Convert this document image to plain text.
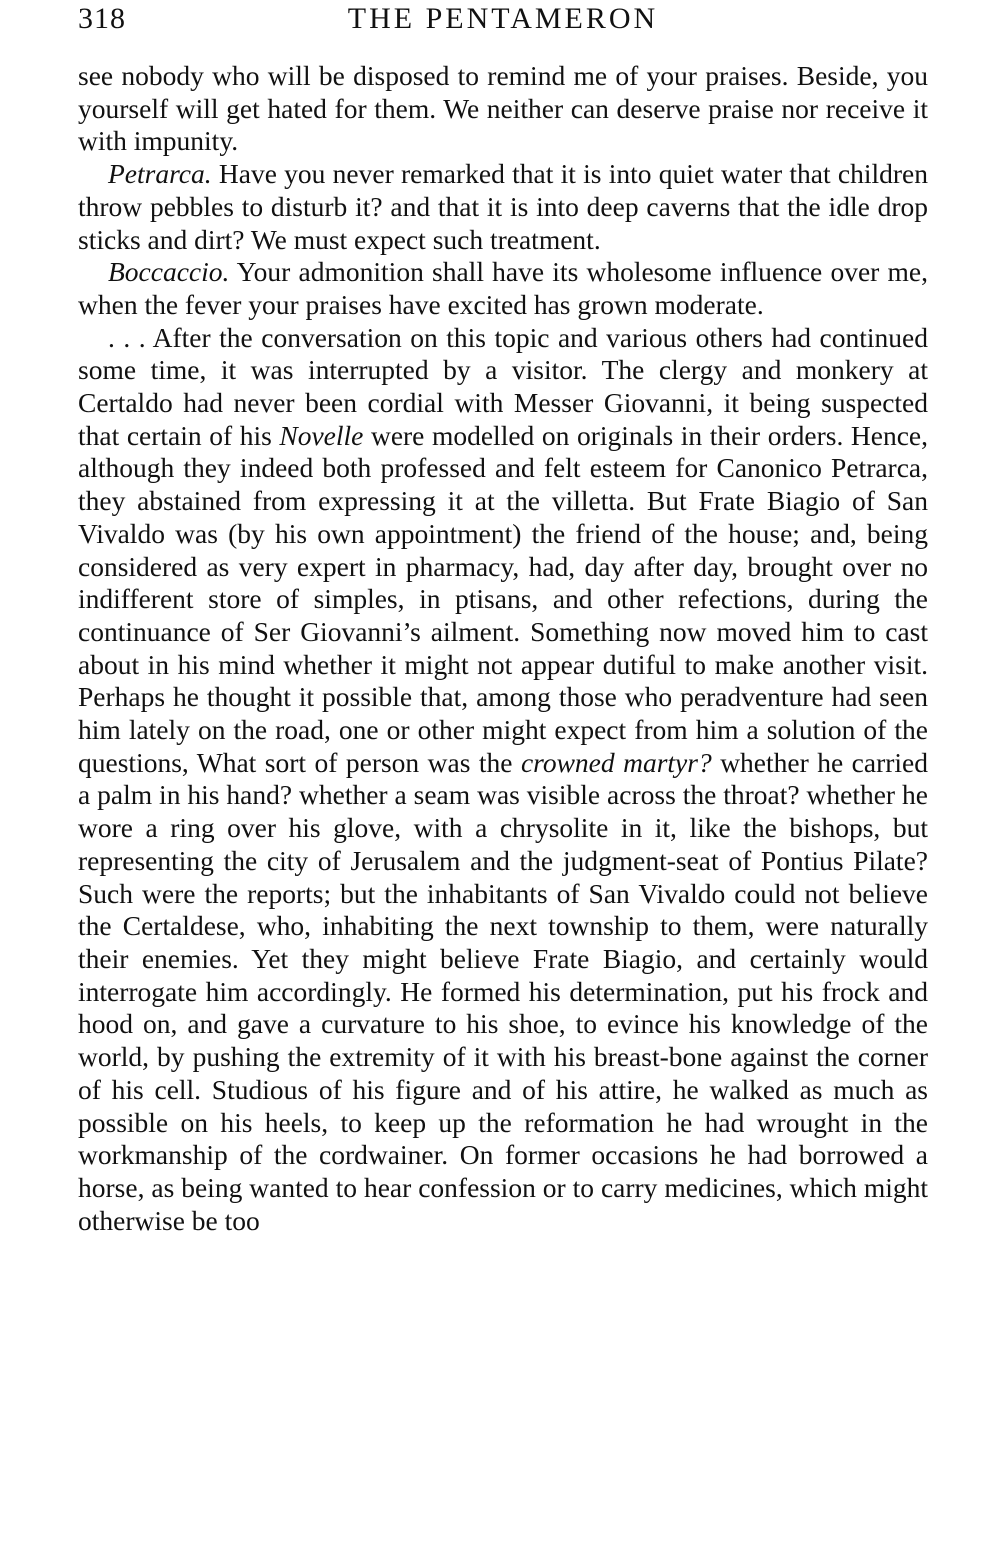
318	THE PENTAMERON

see nobody who will be disposed to remind me of your praises. Beside, you yourself will get hated for them. We neither can deserve praise nor receive it with impunity.

Petrarca. Have you never remarked that it is into quiet water that children throw pebbles to disturb it? and that it is into deep caverns that the idle drop sticks and dirt? We must expect such treatment.

Boccaccio. Your admonition shall have its wholesome influence over me, when the fever your praises have excited has grown moderate.

. . . After the conversation on this topic and various others had continued some time, it was interrupted by a visitor. The clergy and monkery at Certaldo had never been cordial with Messer Giovanni, it being suspected that certain of his Novelle were modelled on originals in their orders. Hence, although they indeed both professed and felt esteem for Canonico Petrarca, they abstained from expressing it at the villetta. But Frate Biagio of San Vivaldo was (by his own appointment) the friend of the house; and, being considered as very expert in pharmacy, had, day after day, brought over no indifferent store of simples, in ptisans, and other refections, during the continuance of Ser Giovanni’s ailment. Something now moved him to cast about in his mind whether it might not appear dutiful to make another visit. Perhaps he thought it possible that, among those who peradventure had seen him lately on the road, one or other might expect from him a solution of the questions, What sort of person was the crowned martyr? whether he carried a palm in his hand? whether a seam was visible across the throat? whether he wore a ring over his glove, with a chrysolite in it, like the bishops, but representing the city of Jerusalem and the judgment-seat of Pontius Pilate? Such were the reports; but the inhabitants of San Vivaldo could not believe the Certaldese, who, inhabiting the next township to them, were naturally their enemies. Yet they might believe Frate Biagio, and certainly would interrogate him accordingly. He formed his determination, put his frock and hood on, and gave a curvature to his shoe, to evince his knowledge of the world, by pushing the extremity of it with his breast-bone against the corner of his cell. Studious of his figure and of his attire, he walked as much as possible on his heels, to keep up the reformation he had wrought in the workmanship of the cordwainer. On former occasions he had borrowed a horse, as being wanted to hear confession or to carry medicines, which might otherwise be too
